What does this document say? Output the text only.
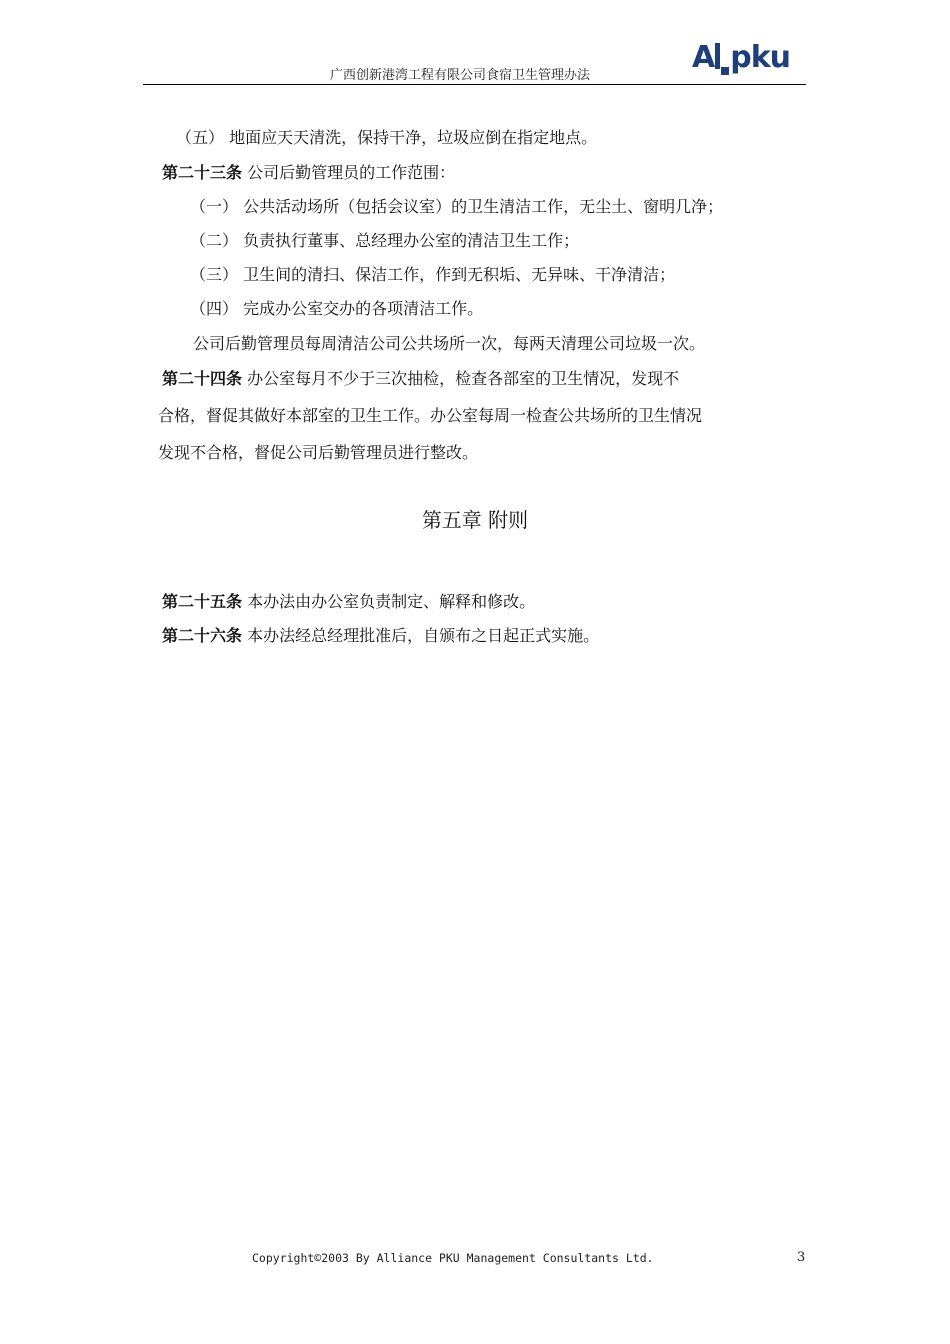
广西创新港湾工程有限公司食宿卫生管理办法
A pku
（五） 地面应天天清洗，保持干净，垃圾应倒在指定地点。
第二十三条 公司后勤管理员的工作范围：
（一） 公共活动场所（包括会议室）的卫生清洁工作，无尘土、窗明几净；
（二） 负责执行董事、总经理办公室的清洁卫生工作；
（三） 卫生间的清扫、保洁工作，作到无积垢、无异味、干净清洁；
（四） 完成办公室交办的各项清洁工作。
公司后勤管理员每周清洁公司公共场所一次，每两天清理公司垃圾一次。
第二十四条 办公室每月不少于三次抽检，检查各部室的卫生情况，发现不
合格，督促其做好本部室的卫生工作。办公室每周一检查公共场所的卫生情况
发现不合格，督促公司后勤管理员进行整改。
第五章 附则
第二十五条 本办法由办公室负责制定、解释和修改。
第二十六条 本办法经总经理批准后，自颁布之日起正式实施。
Copyright©2003 By Alliance PKU Management Consultants Ltd.	3
